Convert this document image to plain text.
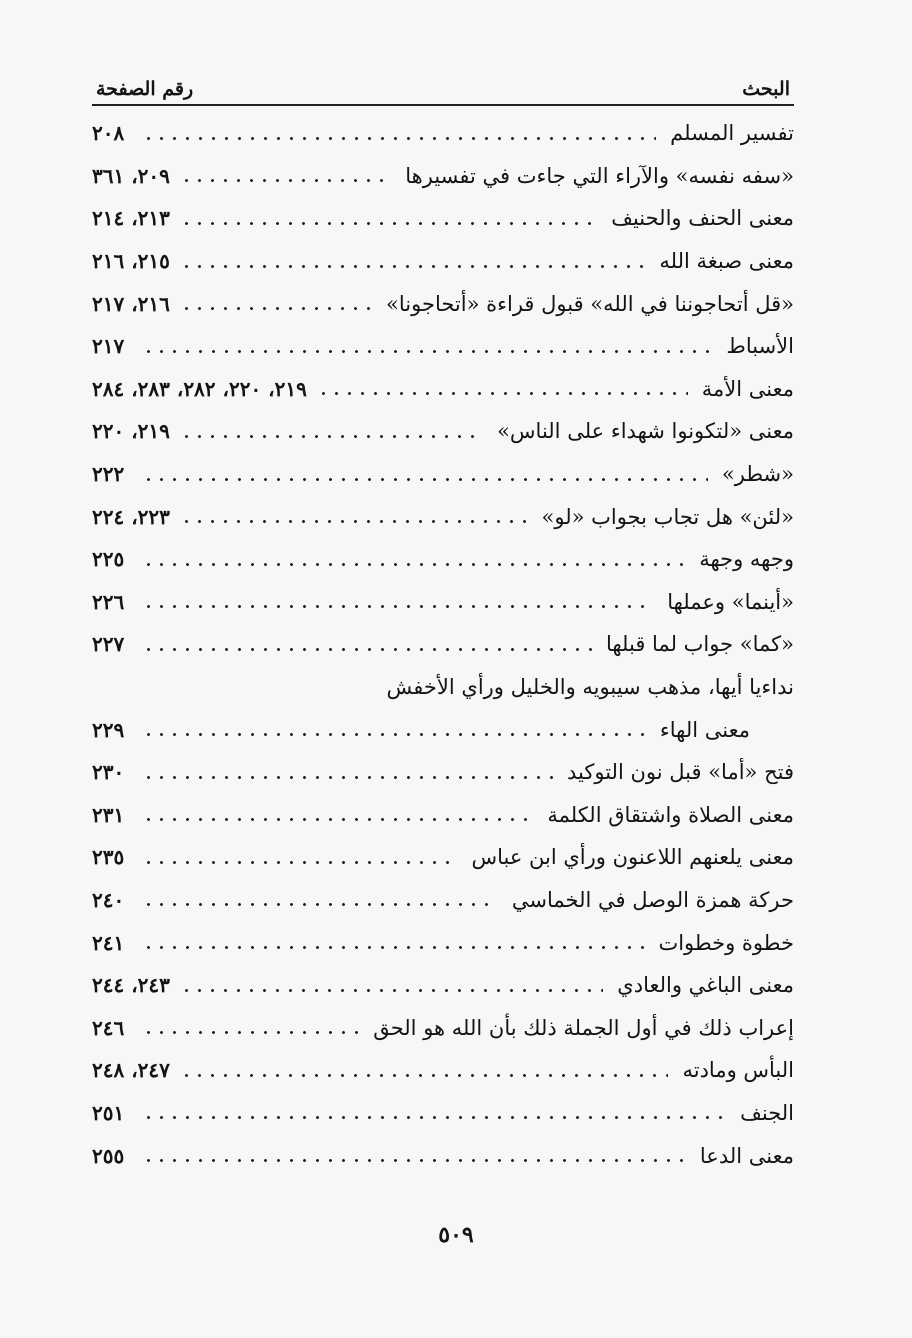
البحث
رقم الصفحة
تفسير المسلم
٢٠٨
«سفه نفسه» والآراء التي جاءت في تفسيرها
٢٠٩، ٣٦١
معنى الحنف والحنيف
٢١٣، ٢١٤
معنى صبغة الله
٢١٥، ٢١٦
«قل أتحاجوننا في الله» قبول قراءة «أتحاجونا»
٢١٦، ٢١٧
الأسباط
٢١٧
معنى الأمة
٢١٩، ٢٢٠، ٢٨٢، ٢٨٣، ٢٨٤
معنى «لتكونوا شهداء على الناس»
٢١٩، ٢٢٠
«شطر»
٢٢٢
«لئن» هل تجاب بجواب «لو»
٢٢٣، ٢٢٤
وجهه وجهة
٢٢٥
«أينما» وعملها
٢٢٦
«كما» جواب لما قبلها
٢٢٧
نداءيا أيها، مذهب سيبويه والخليل ورأي الأخفش
معنى الهاء
٢٢٩
فتح «أما» قبل نون التوكيد
٢٣٠
معنى الصلاة واشتقاق الكلمة
٢٣١
معنى يلعنهم اللاعنون ورأي ابن عباس
٢٣٥
حركة همزة الوصل في الخماسي
٢٤٠
خطوة وخطوات
٢٤١
معنى الباغي والعادي
٢٤٣، ٢٤٤
إعراب ذلك في أول الجملة ذلك بأن الله هو الحق
٢٤٦
البأس ومادته
٢٤٧، ٢٤٨
الجنف
٢٥١
معنى الدعا
٢٥٥
٥٠٩
